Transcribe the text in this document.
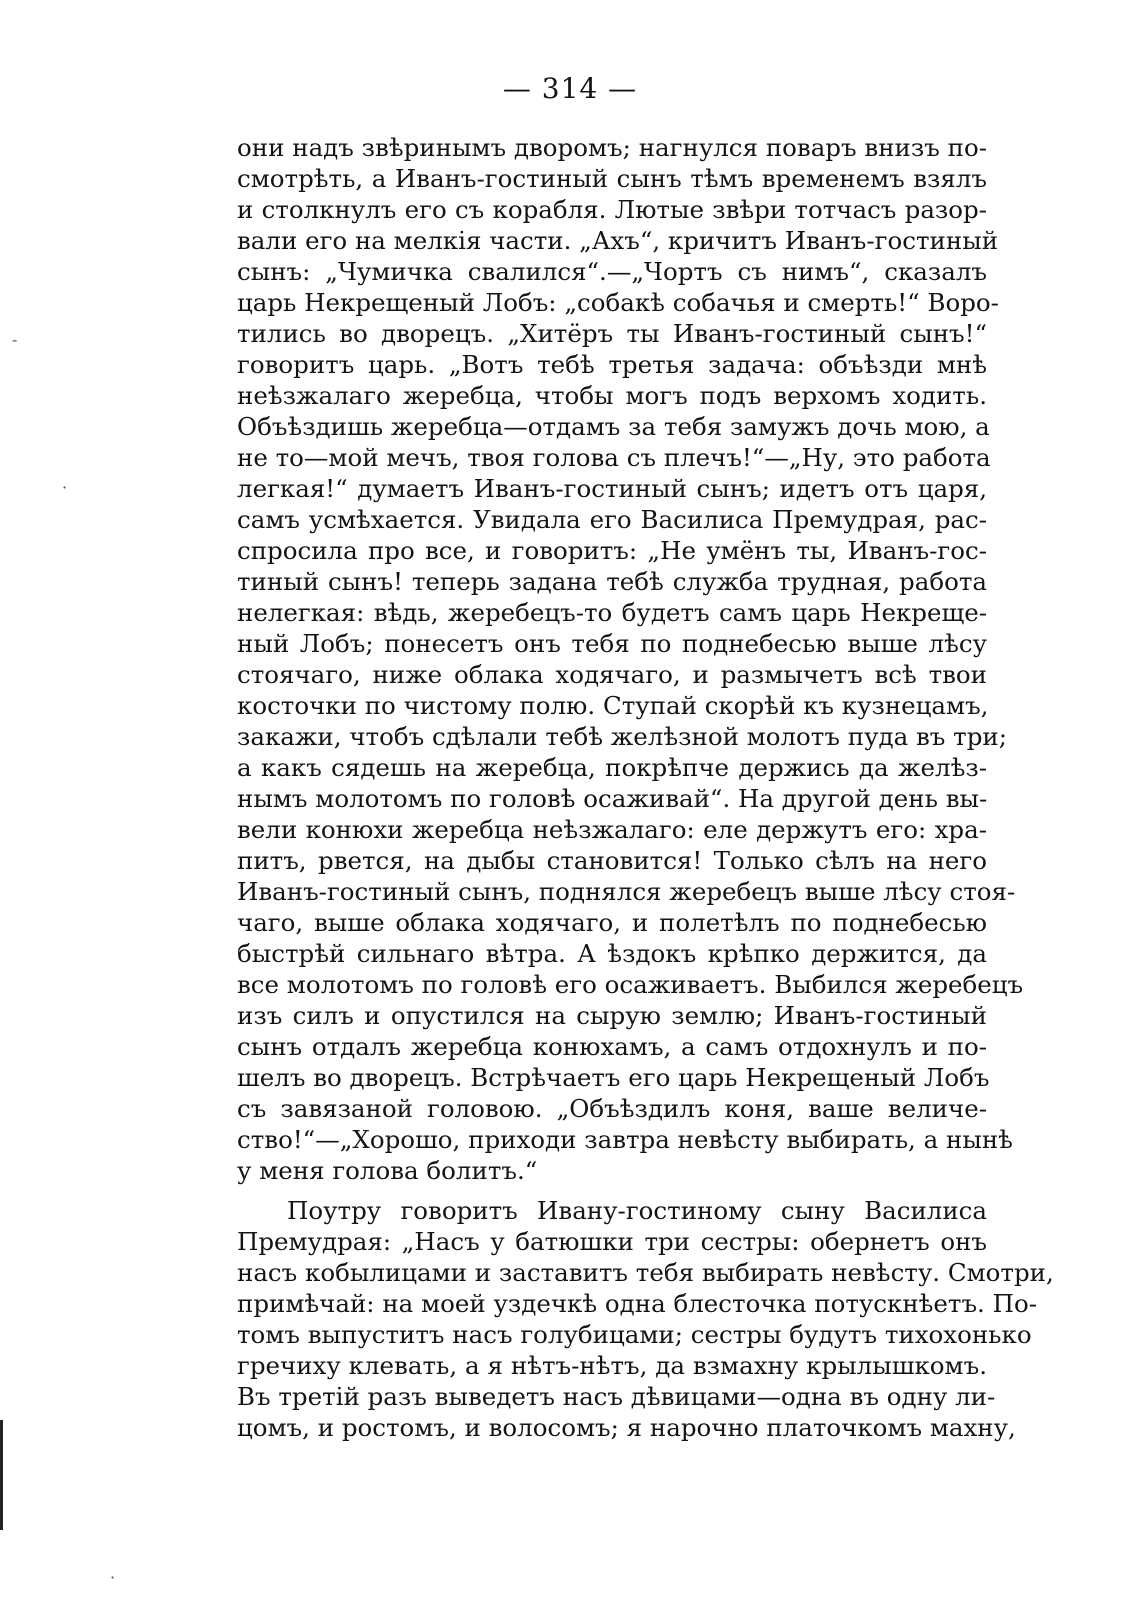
— 314 —
они надъ звѣринымъ дворомъ; нагнулся поваръ внизъ по-
смотрѣть, а Иванъ-гостиный сынъ тѣмъ временемъ взялъ
и столкнулъ его съ корабля. Лютые звѣри тотчасъ разор-
вали его на мелкія части. „Ахъ“, кричитъ Иванъ-гостиный
сынъ: „Чумичка свалился“.—„Чортъ съ нимъ“, сказалъ
царь Некрещеный Лобъ: „собакѣ собачья и смерть!“ Воро-
тились во дворецъ. „Хитёръ ты Иванъ-гостиный сынъ!“
говоритъ царь. „Вотъ тебѣ третья задача: объѣзди мнѣ
неѣзжалаго жеребца, чтобы могъ подъ верхомъ ходить.
Объѣздишь жеребца—отдамъ за тебя замужъ дочь мою, а
не то—мой мечъ, твоя голова съ плечъ!“—„Ну, это работа
легкая!“ думаетъ Иванъ-гостиный сынъ; идетъ отъ царя,
самъ усмѣхается. Увидала его Василиса Премудрая, рас-
спросила про все, и говоритъ: „Не умёнъ ты, Иванъ-гос-
тиный сынъ! теперь задана тебѣ служба трудная, работа
нелегкая: вѣдь, жеребецъ-то будетъ самъ царь Некреще-
ный Лобъ; понесетъ онъ тебя по поднебесью выше лѣсу
стоячаго, ниже облака ходячаго, и размычетъ всѣ твои
косточки по чистому полю. Ступай скорѣй къ кузнецамъ,
закажи, чтобъ сдѣлали тебѣ желѣзной молотъ пуда въ три;
а какъ сядешь на жеребца, покрѣпче держись да желѣз-
нымъ молотомъ по головѣ осаживай“. На другой день вы-
вели конюхи жеребца неѣзжалаго: еле держутъ его: хра-
питъ, рвется, на дыбы становится! Только сѣлъ на него
Иванъ-гостиный сынъ, поднялся жеребецъ выше лѣсу стоя-
чаго, выше облака ходячаго, и полетѣлъ по поднебесью
быстрѣй сильнаго вѣтра. А ѣздокъ крѣпко держится, да
все молотомъ по головѣ его осаживаетъ. Выбился жеребецъ
изъ силъ и опустился на сырую землю; Иванъ-гостиный
сынъ отдалъ жеребца конюхамъ, а самъ отдохнулъ и по-
шелъ во дворецъ. Встрѣчаетъ его царь Некрещеный Лобъ
съ завязаной головою. „Объѣздилъ коня, ваше величе-
ство!“—„Хорошо, приходи завтра невѣсту выбирать, а нынѣ
у меня голова болитъ.“
Поутру говоритъ Ивану-гостиному сыну Василиса
Премудрая: „Насъ у батюшки три сестры: обернетъ онъ
насъ кобылицами и заставитъ тебя выбирать невѣсту. Смотри,
примѣчай: на моей уздечкѣ одна блесточка потускнѣетъ. По-
томъ выпуститъ насъ голубицами; сестры будутъ тихохонько
гречиху клевать, а я нѣтъ-нѣтъ, да взмахну крылышкомъ.
Въ третій разъ выведетъ насъ дѣвицами—одна въ одну ли-
цомъ, и ростомъ, и волосомъ; я нарочно платочкомъ махну,
·
-
·
